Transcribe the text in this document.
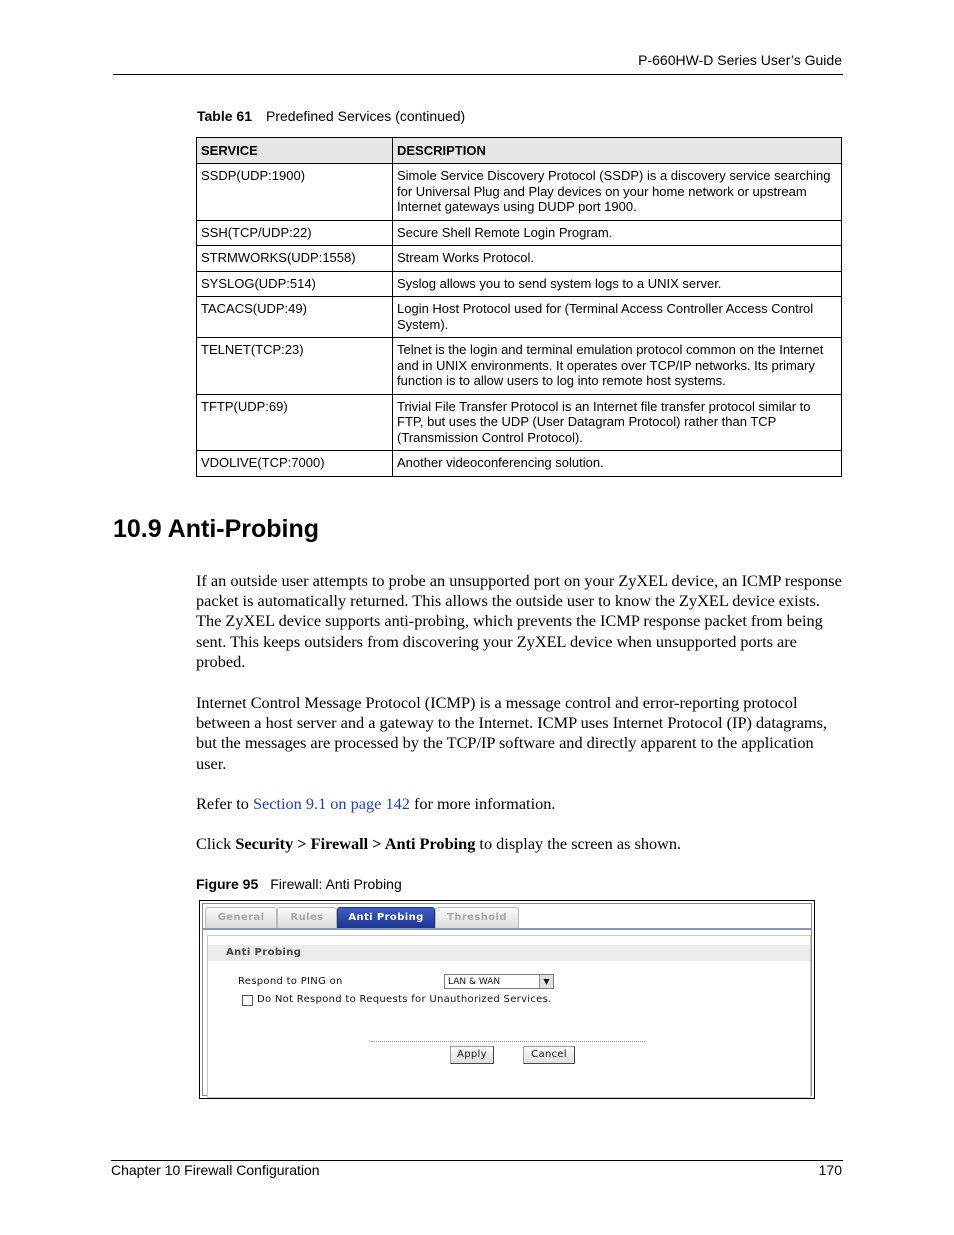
P-660HW-D Series User’s Guide
Table 61 Predefined Services (continued)
SERVICE	DESCRIPTION
SSDP(UDP:1900)	Simole Service Discovery Protocol (SSDP) is a discovery service searching for Universal Plug and Play devices on your home network or upstream Internet gateways using DUDP port 1900.
SSH(TCP/UDP:22)	Secure Shell Remote Login Program.
STRMWORKS(UDP:1558)	Stream Works Protocol.
SYSLOG(UDP:514)	Syslog allows you to send system logs to a UNIX server.
TACACS(UDP:49)	Login Host Protocol used for (Terminal Access Controller Access Control System).
TELNET(TCP:23)	Telnet is the login and terminal emulation protocol common on the Internet and in UNIX environments. It operates over TCP/IP networks. Its primary function is to allow users to log into remote host systems.
TFTP(UDP:69)	Trivial File Transfer Protocol is an Internet file transfer protocol similar to FTP, but uses the UDP (User Datagram Protocol) rather than TCP (Transmission Control Protocol).
VDOLIVE(TCP:7000)	Another videoconferencing solution.
10.9 Anti-Probing
If an outside user attempts to probe an unsupported port on your ZyXEL device, an ICMP response packet is automatically returned. This allows the outside user to know the ZyXEL device exists. The ZyXEL device supports anti-probing, which prevents the ICMP response packet from being sent. This keeps outsiders from discovering your ZyXEL device when unsupported ports are probed.
Internet Control Message Protocol (ICMP) is a message control and error-reporting protocol between a host server and a gateway to the Internet. ICMP uses Internet Protocol (IP) datagrams, but the messages are processed by the TCP/IP software and directly apparent to the application user.
Refer to Section 9.1 on page 142 for more information.
Click Security > Firewall > Anti Probing to display the screen as shown.
Figure 95 Firewall: Anti Probing
General	Rules	Anti Probing	Threshold
Anti Probing
Respond to PING on	LAN & WAN	▼
Do Not Respond to Requests for Unauthorized Services.
Apply	Cancel
Chapter 10 Firewall Configuration	170
